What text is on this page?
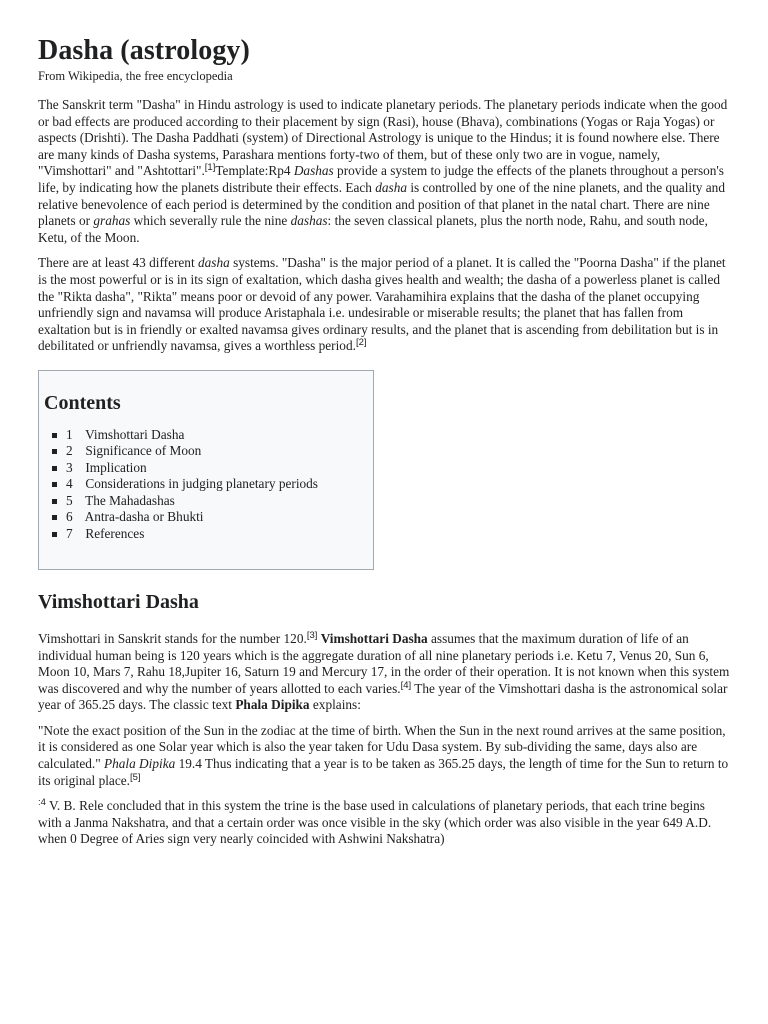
Dasha (astrology)
From Wikipedia, the free encyclopedia

The Sanskrit term "Dasha" in Hindu astrology is used to indicate planetary periods. The planetary periods indicate when the good or bad effects are produced according to their placement by sign (Rasi), house (Bhava), combinations (Yogas or Raja Yogas) or aspects (Drishti). The Dasha Paddhati (system) of Directional Astrology is unique to the Hindus; it is found nowhere else. There are many kinds of Dasha systems, Parashara mentions forty-two of them, but of these only two are in vogue, namely, "Vimshottari" and "Ashtottari".[1]Template:Rp4 Dashas provide a system to judge the effects of the planets throughout a person's life, by indicating how the planets distribute their effects. Each dasha is controlled by one of the nine planets, and the quality and relative benevolence of each period is determined by the condition and position of that planet in the natal chart. There are nine planets or grahas which severally rule the nine dashas: the seven classical planets, plus the north node, Rahu, and south node, Ketu, of the Moon.

There are at least 43 different dasha systems. "Dasha" is the major period of a planet. It is called the "Poorna Dasha" if the planet is the most powerful or is in its sign of exaltation, which dasha gives health and wealth; the dasha of a powerless planet is called the "Rikta dasha", "Rikta" means poor or devoid of any power. Varahamihira explains that the dasha of the planet occupying unfriendly sign and navamsa will produce Aristaphala i.e. undesirable or miserable results; the planet that has fallen from exaltation but is in friendly or exalted navamsa gives ordinary results, and the planet that is ascending from debilitation but is in debilitated or unfriendly navamsa, gives a worthless period.[2]

Contents
1 Vimshottari Dasha
2 Significance of Moon
3 Implication
4 Considerations in judging planetary periods
5 The Mahadashas
6 Antra-dasha or Bhukti
7 References
Vimshottari Dasha

Vimshottari in Sanskrit stands for the number 120.[3] Vimshottari Dasha assumes that the maximum duration of life of an individual human being is 120 years which is the aggregate duration of all nine planetary periods i.e. Ketu 7, Venus 20, Sun 6, Moon 10, Mars 7, Rahu 18,Jupiter 16, Saturn 19 and Mercury 17, in the order of their operation. It is not known when this system was discovered and why the number of years allotted to each varies.[4] The year of the Vimshottari dasha is the astronomical solar year of 365.25 days. The classic text Phala Dipika explains:

"Note the exact position of the Sun in the zodiac at the time of birth. When the Sun in the next round arrives at the same position, it is considered as one Solar year which is also the year taken for Udu Dasa system. By sub-dividing the same, days also are calculated." Phala Dipika 19.4 Thus indicating that a year is to be taken as 365.25 days, the length of time for the Sun to return to its original place.[5]

$^{:4}$ V. B. Rele concluded that in this system the trine is the base used in calculations of planetary periods, that each trine begins with a Janma Nakshatra, and that a certain order was once visible in the sky (which order was also visible in the year 649 A.D. when 0 Degree of Aries sign very nearly coincided with Ashwini Nakshatra)
